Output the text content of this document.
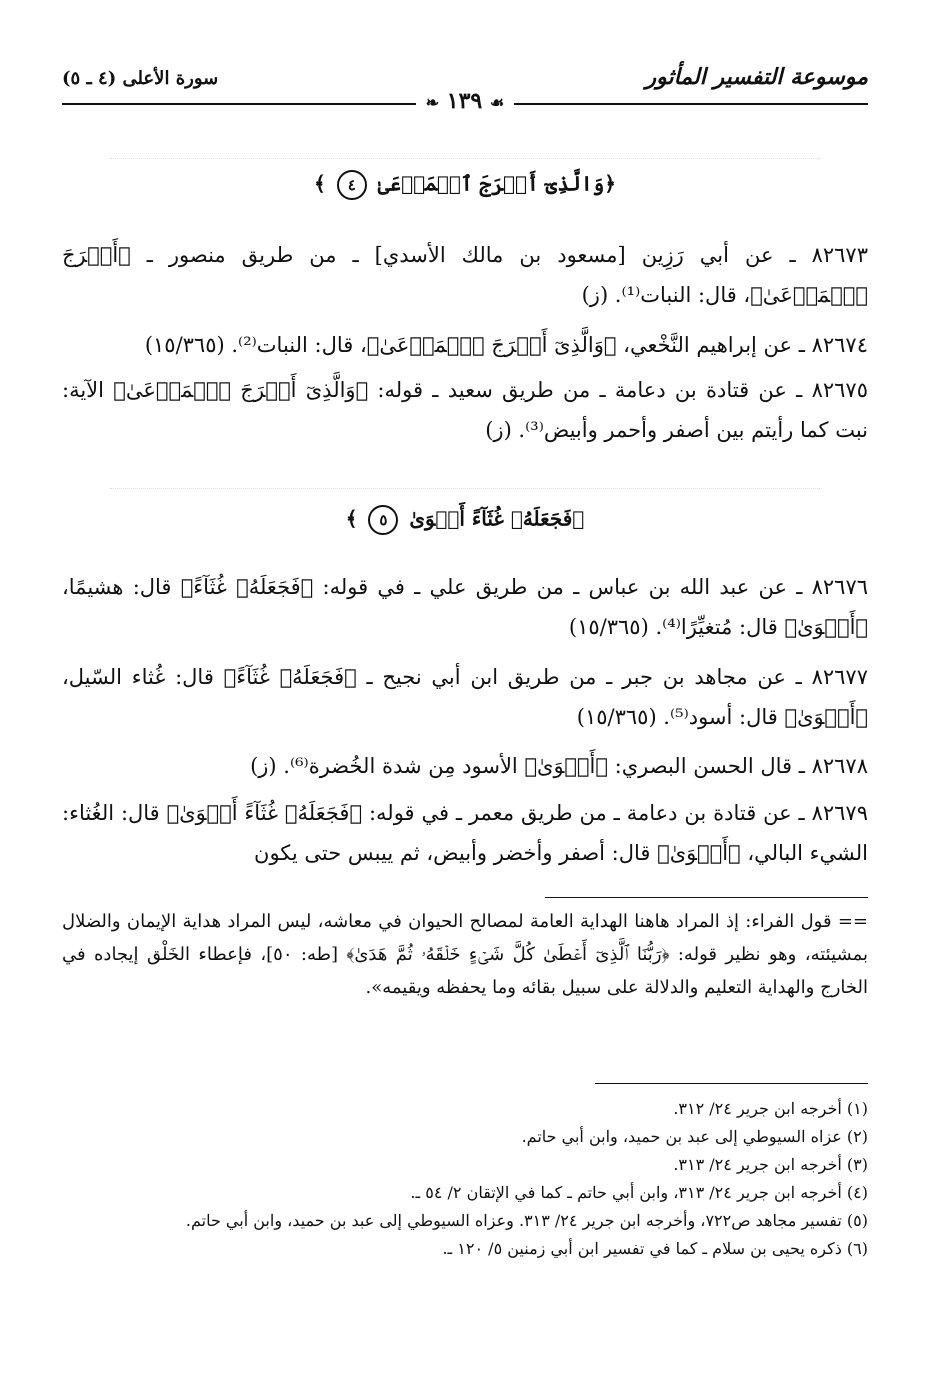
موسوعة التفسير المأثور
سورة الأعلى (٤ ـ ٥)
❧ ١٣٩ ☙
﴿وَالَّذِىٓ أَخۡرَجَ ٱلۡمَرۡعَىٰ ٤ ﴾
٨٢٦٧٣ ـ عن أبي رَزِين [مسعود بن مالك الأسدي] ـ من طريق منصور ـ ﴿أَخۡرَجَ ٱلۡمَرۡعَىٰ﴾، قال: النبات⁽¹⁾. (ز)
٨٢٦٧٤ ـ عن إبراهيم النَّخْعي، ﴿وَالَّذِىٓ أَخۡرَجَ ٱلۡمَرۡعَىٰ﴾، قال: النبات⁽²⁾. (١٥/٣٦٥)
٨٢٦٧٥ ـ عن قتادة بن دعامة ـ من طريق سعيد ـ قوله: ﴿وَالَّذِىٓ أَخۡرَجَ ٱلۡمَرۡعَىٰ﴾ الآية: نبت كما رأيتم بين أصفر وأحمر وأبيض⁽³⁾. (ز)
﴿فَجَعَلَهُۥ غُثَآءً أَحۡوَىٰ ٥ ﴾
٨٢٦٧٦ ـ عن عبد الله بن عباس ـ من طريق علي ـ في قوله: ﴿فَجَعَلَهُۥ غُثَآءً﴾ قال: هشيمًا، ﴿أَحۡوَىٰ﴾ قال: مُتغيِّرًا⁽⁴⁾. (١٥/٣٦٥)
٨٢٦٧٧ ـ عن مجاهد بن جبر ـ من طريق ابن أبي نجيح ـ ﴿فَجَعَلَهُۥ غُثَآءً﴾ قال: غُثاء السّيل، ﴿أَحۡوَىٰ﴾ قال: أسود⁽⁵⁾. (١٥/٣٦٥)
٨٢٦٧٨ ـ قال الحسن البصري: ﴿أَحۡوَىٰ﴾ الأسود مِن شدة الخُضرة⁽⁶⁾. (ز)
٨٢٦٧٩ ـ عن قتادة بن دعامة ـ من طريق معمر ـ في قوله: ﴿فَجَعَلَهُۥ غُثَآءً أَحۡوَىٰ﴾ قال: الغُثاء: الشيء البالي، ﴿أَحۡوَىٰ﴾ قال: أصفر وأخضر وأبيض، ثم ييبس حتى يكون
== قول الفراء: إذ المراد هاهنا الهداية العامة لمصالح الحيوان في معاشه، ليس المراد هداية الإيمان والضلال بمشيئته، وهو نظير قوله: ﴿رَبُّنَا ٱلَّذِىٓ أَعۡطَىٰ كُلَّ شَىۡءٍ خَلۡقَهُۥ ثُمَّ هَدَىٰ﴾ [طه: ٥٠]، فإعطاء الخَلْق إيجاده في الخارج والهداية التعليم والدلالة على سبيل بقائه وما يحفظه ويقيمه».
(١) أخرجه ابن جرير ٢٤/ ٣١٢.
(٢) عزاه السيوطي إلى عبد بن حميد، وابن أبي حاتم.
(٣) أخرجه ابن جرير ٢٤/ ٣١٣.
(٤) أخرجه ابن جرير ٢٤/ ٣١٣، وابن أبي حاتم ـ كما في الإتقان ٢/ ٥٤ ـ.
(٥) تفسير مجاهد ص٧٢٢، وأخرجه ابن جرير ٢٤/ ٣١٣. وعزاه السيوطي إلى عبد بن حميد، وابن أبي حاتم.
(٦) ذكره يحيى بن سلام ـ كما في تفسير ابن أبي زمنين ٥/ ١٢٠ ـ.
